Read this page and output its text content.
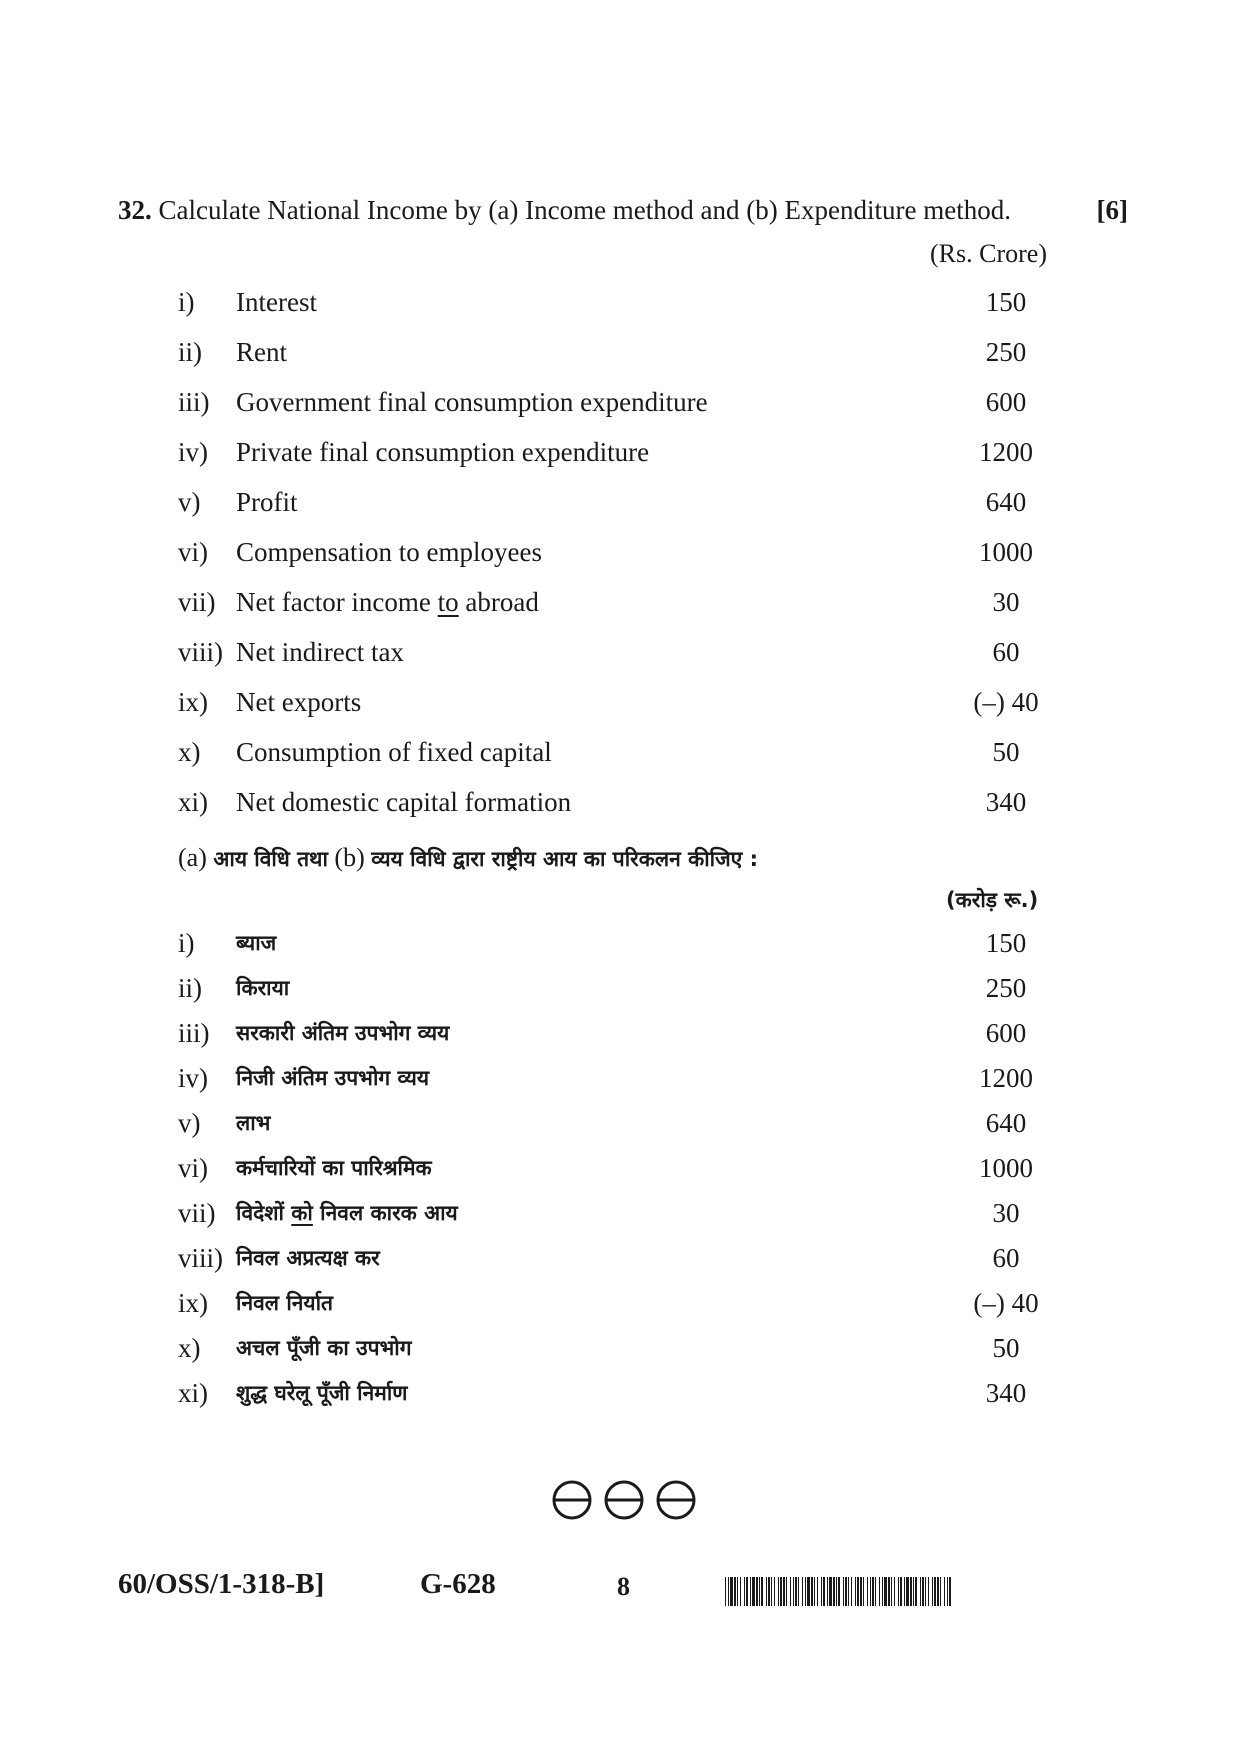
32. Calculate National Income by (a) Income method and (b) Expenditure method.	[6]
(Rs. Crore)
i) Interest	150
ii) Rent	250
iii) Government final consumption expenditure	600
iv) Private final consumption expenditure	1200
v) Profit	640
vi) Compensation to employees	1000
vii) Net factor income to abroad	30
viii) Net indirect tax	60
ix) Net exports	(–) 40
x) Consumption of fixed capital	50
xi) Net domestic capital formation	340
(a) आय विधि तथा (b) व्यय विधि द्वारा राष्ट्रीय आय का परिकलन कीजिए :
(करोड़ रू.)
i) ब्याज	150
ii) किराया	250
iii) सरकारी अंतिम उपभोग व्यय	600
iv) निजी अंतिम उपभोग व्यय	1200
v) लाभ	640
vi) कर्मचारियों का पारिश्रमिक	1000
vii) विदेशों को निवल कारक आय	30
viii) निवल अप्रत्यक्ष कर	60
ix) निवल निर्यात	(–) 40
x) अचल पूँजी का उपभोग	50
xi) शुद्ध घरेलू पूँजी निर्माण	340
60/OSS/1-318-B]	G-628	8
